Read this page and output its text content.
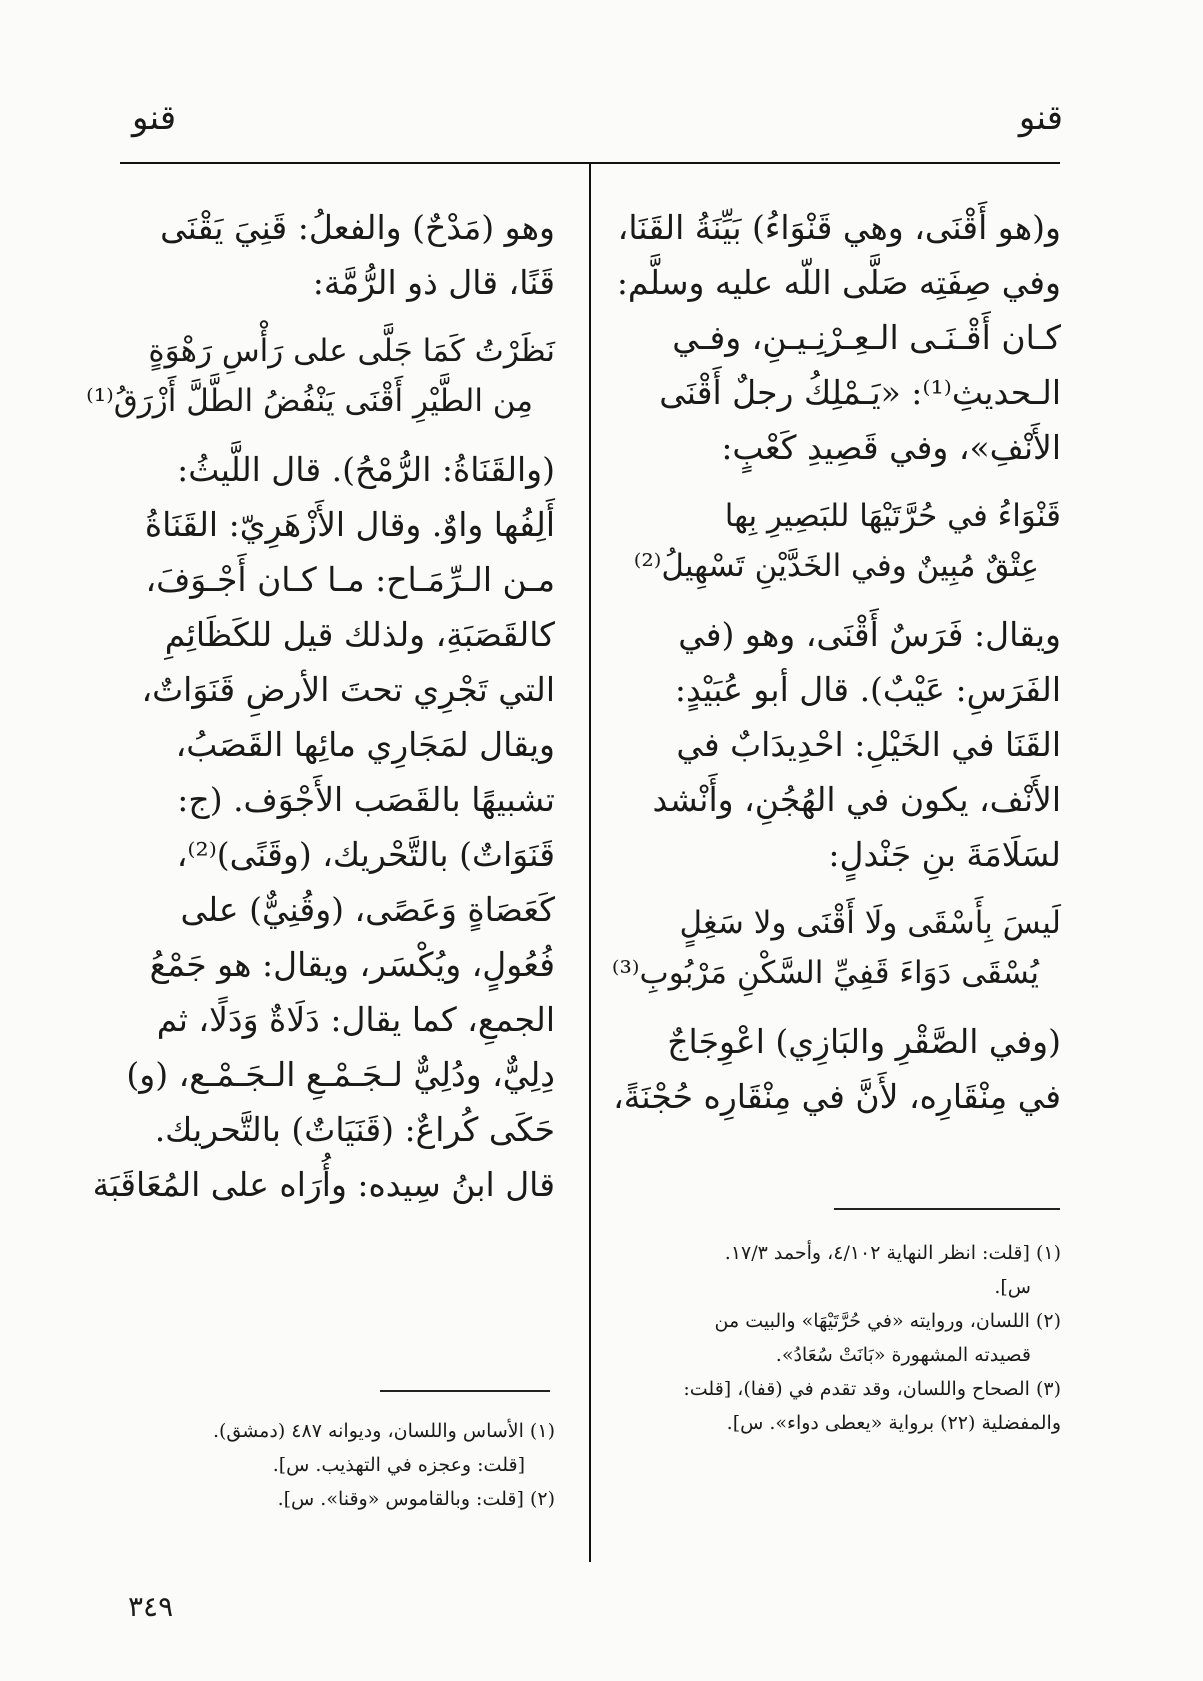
قنو
قنو
و(هو أَقْنَى، وهي قَنْوَاءُ) بَيِّنَةُ القَنَا،
وفي صِفَتِه صَلَّى اللّه عليه وسلَّم:
كـان أَقْـنَـى الـعِـرْنِـيـنِ، وفـي
الـحديثِ⁽¹⁾: «يَـمْلِكُ رجلٌ أَقْنَى
الأَنْفِ»، وفي قَصِيدِ كَعْبٍ:
قَنْوَاءُ في حُرَّتَيْهَا للبَصِيرِ بِها
عِتْقٌ مُبِينٌ وفي الخَدَّيْنِ تَسْهِيلُ⁽²⁾
ويقال: فَرَسٌ أَقْنَى، وهو (في
الفَرَسِ: عَيْبٌ). قال أبو عُبَيْدٍ:
القَنَا في الخَيْلِ: احْدِيدَابٌ في
الأَنْف، يكون في الهُجُنِ، وأَنْشد
لسَلَامَةَ بنِ جَنْدلٍ:
لَيسَ بِأَسْقَى ولَا أَقْنَى ولا سَغِلٍ
يُسْقَى دَوَاءَ قَفِيِّ السَّكْنِ مَرْبُوبِ⁽³⁾
(وفي الصَّقْرِ والبَازِي) اعْوِجَاجٌ
في مِنْقَارِه، لأَنَّ في مِنْقَارِه حُجْنَةً،
(١) [قلت: انظر النهاية ٤/١٠٢، وأحمد ١٧/٣.
س].
(٢) اللسان، وروايته «في حُرَّتَيْهَا» والبيت من
قصيدته المشهورة «بَانَتْ سُعَادُ».
(٣) الصحاح واللسان، وقد تقدم في (قفا)، [قلت:
والمفضلية (٢٢) برواية «يعطى دواء». س].
وهو (مَدْحٌ) والفعلُ: قَنِيَ يَقْنَى
قَنًا، قال ذو الرُّمَّة:
نَظَرْتُ كَمَا جَلَّى على رَأْسِ رَهْوَةٍ
مِن الطَّيْرِ أَقْنَى يَنْفُضُ الطَّلَّ أَزْرَقُ⁽¹⁾
(والقَنَاةُ: الرُّمْحُ). قال اللَّيثُ:
أَلِفُها واوٌ. وقال الأَزْهَرِيّ: القَنَاةُ
مـن الـرِّمَـاح: مـا كـان أَجْـوَفَ،
كالقَصَبَةِ، ولذلك قيل للكَظَائِمِ
التي تَجْرِي تحتَ الأرضِ قَنَوَاتٌ،
ويقال لمَجَارِي مائِها القَصَبُ،
تشبيهًا بالقَصَب الأَجْوَف. (ج:
قَنَوَاتٌ) بالتَّحْريك، (وقَنًى)⁽²⁾،
كَعَصَاةٍ وَعَصًى، (وقُنِيٌّ) على
فُعُولٍ، ويُكْسَر، ويقال: هو جَمْعُ
الجمعِ، كما يقال: دَلَاةٌ وَدَلًا، ثم
دِلِيٌّ، ودُلِيٌّ لـجَـمْـعِ الـجَـمْـع، (و)
حَكَى كُراعٌ: (قَنَيَاتٌ) بالتَّحريك.
قال ابنُ سِيده: وأُرَاه على المُعَاقَبَة
(١) الأساس واللسان، وديوانه ٤٨٧ (دمشق).
[قلت: وعجزه في التهذيب. س].
(٢) [قلت: وبالقاموس «وقنا». س].
٣٤٩
